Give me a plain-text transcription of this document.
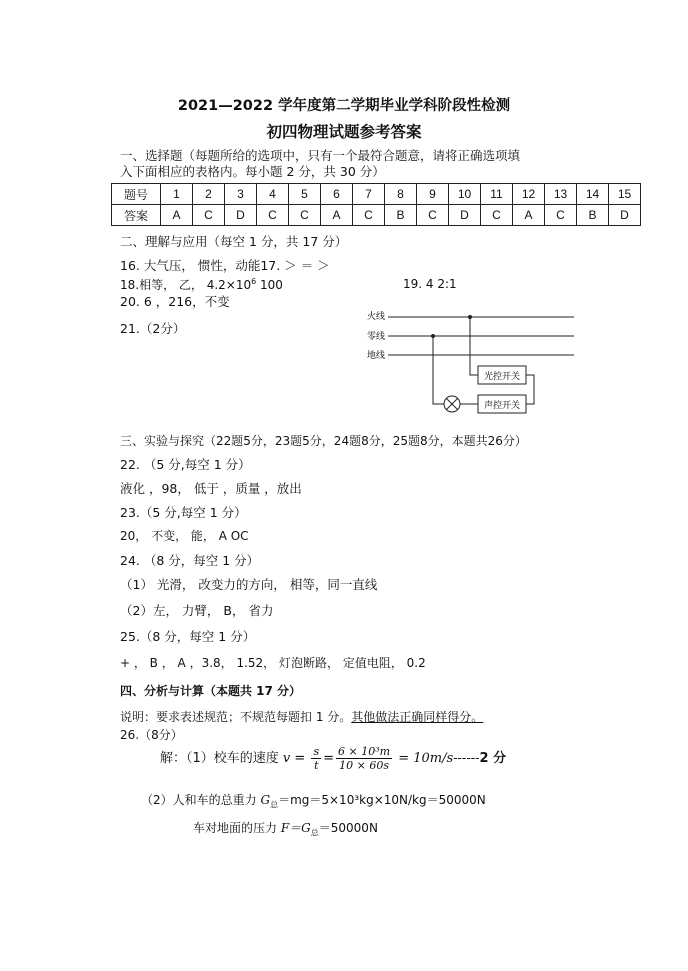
2021—2022 学年度第二学期毕业学科阶段性检测
初四物理试题参考答案
一、选择题（每题所给的选项中，只有一个最符合题意，请将正确选项填
入下面相应的表格内。每小题 2 分，共 30 分）
题号	1	2	3	4	5	6	7	8	9	10	11	12	13	14	15
答案	A	C	D	C	C	A	C	B	C	D	C	A	C	B	D
二、理解与应用（每空 1 分，共 17 分）
16. 大气压， 惯性，动能17. ＞ ＝ ＞
18.相等， 乙， $4.2\times 10^6$ 100	19. 4 2:1
20. 6 ，216，不变
21.（2分）
火线
零线
地线
光控开关
声控开关
三、实验与探究（22题5分，23题5分，24题8分，25题8分，本题共26分）
22. （5 分,每空 1 分）
液化 ，98， 低于 ，质量 ，放出
23.（5 分,每空 1 分）
20， 不变， 能， A OC
24. （8 分，每空 1 分）
（1） 光滑， 改变力的方向， 相等，同一直线
（2）左， 力臂， B， 省力
25.（8 分，每空 1 分）
+ ， B ， A ，3.8， 1.52， 灯泡断路， 定值电阻， 0.2
四、分析与计算（本题共 17 分）
说明：要求表述规范；不规范每题扣 1 分。其他做法正确同样得分。
26.（8分）
解：（1）校车的速度 $v = \frac{s}{t} = \frac{\text{6 × 10³m}}{10 \times 60s} = 10m/s------2$ 分
（2）人和车的总重力 $G_总=mg=5\times 10^3kg\times 10N/kg=50000N$
车对地面的压力 $F=G_总=50000N$
